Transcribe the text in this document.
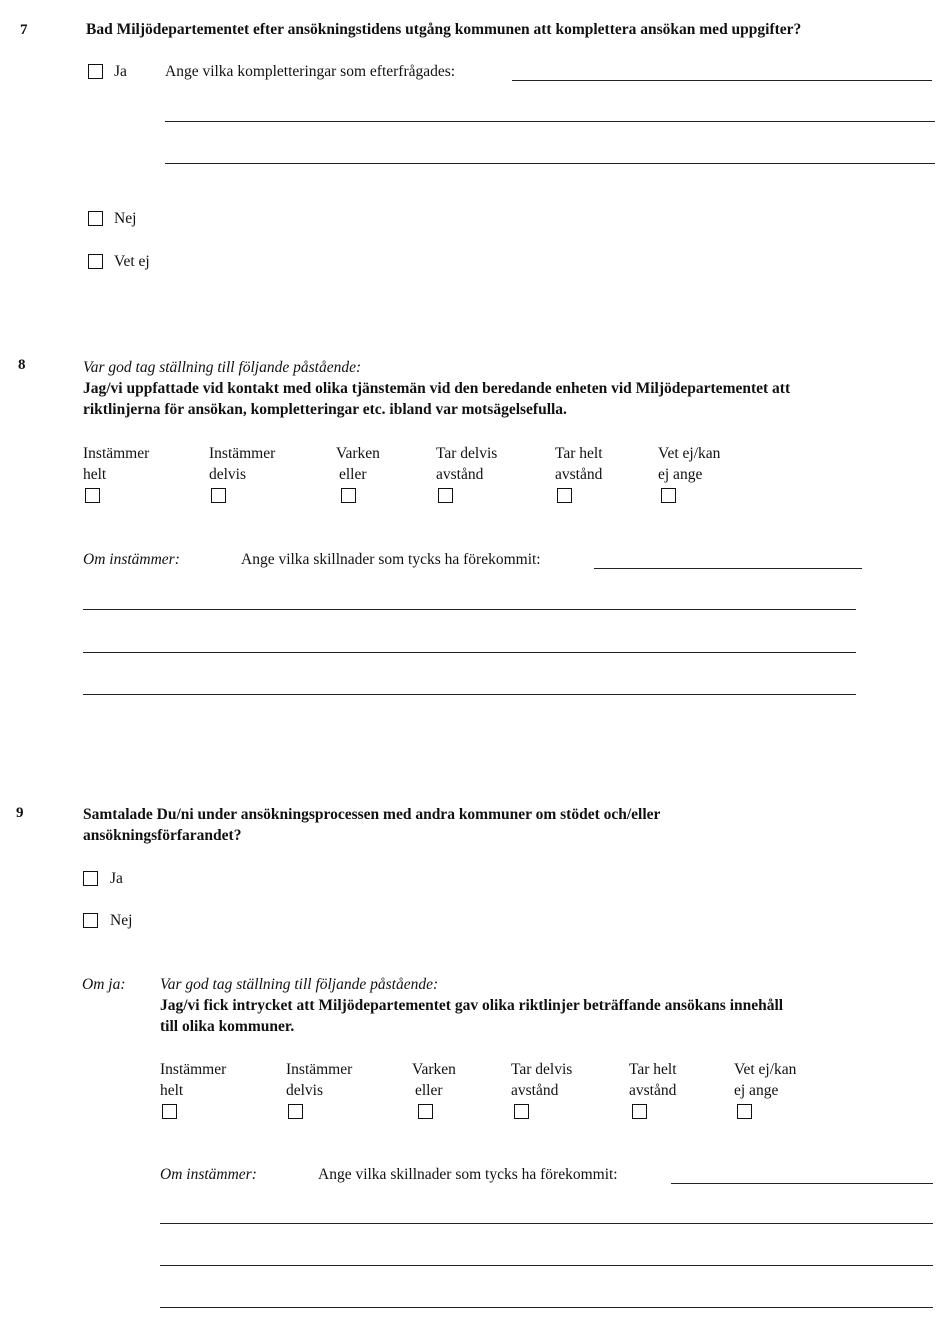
7	Bad Miljödepartementet efter ansökningstidens utgång kommunen att komplettera ansökan med uppgifter?
Ja Ange vilka kompletteringar som efterfrågades:
Nej
Vet ej
8	Var god tag ställning till följande påstående:
Jag/vi uppfattade vid kontakt med olika tjänstemän vid den beredande enheten vid Miljödepartementet att
riktlinjerna för ansökan, kompletteringar etc. ibland var motsägelsefulla.
Instämmer
helt
Instämmer
delvis
Varken
eller
Tar delvis
avstånd
Tar helt
avstånd
Vet ej/kan
ej ange
Om instämmer:	Ange vilka skillnader som tycks ha förekommit:
9	Samtalade Du/ni under ansökningsprocessen med andra kommuner om stödet och/eller
ansökningsförfarandet?
Ja
Nej
Om ja: Var god tag ställning till följande påstående:
Jag/vi fick intrycket att Miljödepartementet gav olika riktlinjer beträffande ansökans innehåll
till olika kommuner.
Instämmer
helt
Instämmer
delvis
Varken
eller
Tar delvis
avstånd
Tar helt
avstånd
Vet ej/kan
ej ange
Om instämmer:	Ange vilka skillnader som tycks ha förekommit:
